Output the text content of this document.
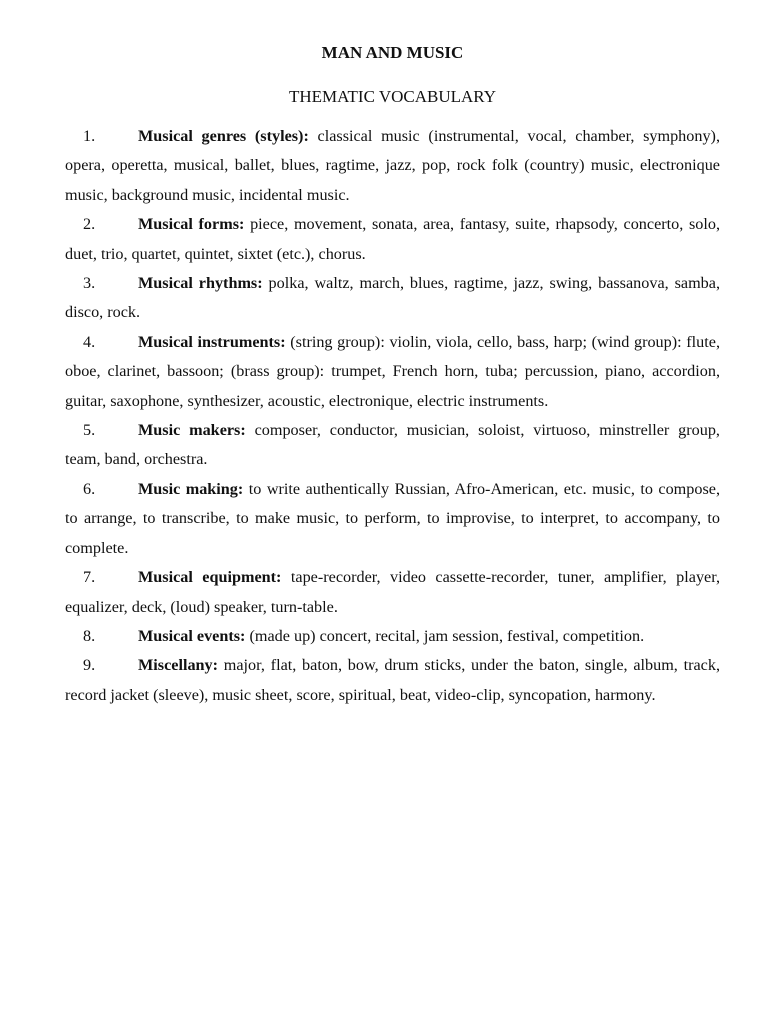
MAN AND MUSIC
THEMATIC VOCABULARY

1.	Musical genres (styles): classical music (instrumental, vocal, chamber, symphony), opera, operetta, musical, ballet, blues, ragtime, jazz, pop, rock folk (country) music, electronique music, background music, incidental music.

2.	Musical forms: piece, movement, sonata, area, fantasy, suite, rhapsody, concerto, solo, duet, trio, quartet, quintet, sixtet (etc.), chorus.

3.	Musical rhythms: polka, waltz, march, blues, ragtime, jazz, swing, bassanova, samba, disco, rock.

4.	Musical instruments: (string group): violin, viola, cello, bass, harp; (wind group): flute, oboe, clarinet, bassoon; (brass group): trumpet, French horn, tuba; percussion, piano, accordion, guitar, saxophone, synthesizer, acoustic, electronique, electric instruments.

5.	Music makers: composer, conductor, musician, soloist, virtuoso, minstreller group, team, band, orchestra.

6.	Music making: to write authentically Russian, Afro-American, etc. music, to compose, to arrange, to transcribe, to make music, to perform, to improvise, to interpret, to accompany, to complete.

7.	Musical equipment: tape-recorder, video cassette-recorder, tuner, amplifier, player, equalizer, deck, (loud) speaker, turn-table.

8.	Musical events: (made up) concert, recital, jam session, festival, competition.

9.	Miscellany: major, flat, baton, bow, drum sticks, under the baton, single, album, track, record jacket (sleeve), music sheet, score, spiritual, beat, video-clip, syncopation, harmony.
